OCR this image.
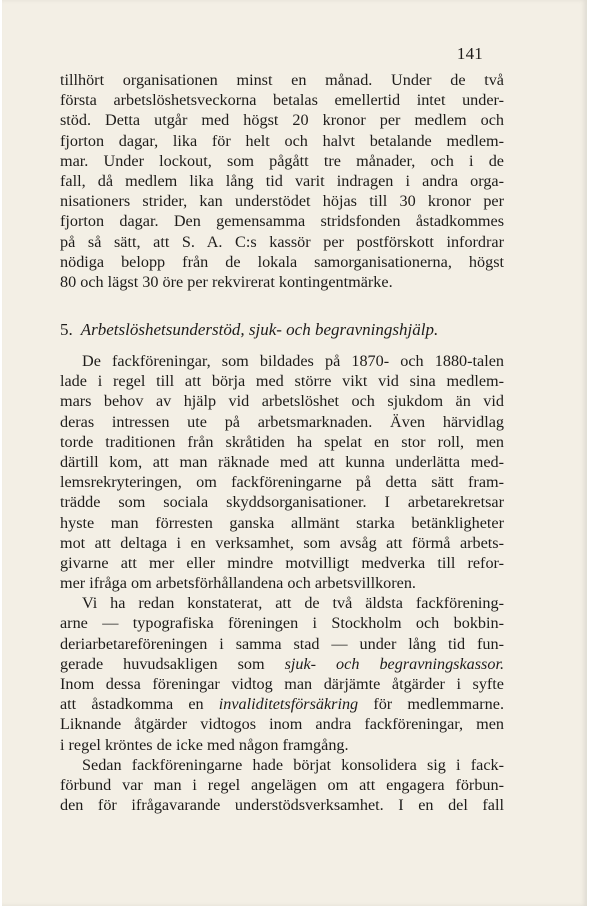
141
tillhört organisationen minst en månad. Under de två
första arbetslöshetsveckorna betalas emellertid intet under-
stöd. Detta utgår med högst 20 kronor per medlem och
fjorton dagar, lika för helt och halvt betalande medlem-
mar. Under lockout, som pågått tre månader, och i de
fall, då medlem lika lång tid varit indragen i andra orga-
nisationers strider, kan understödet höjas till 30 kronor per
fjorton dagar. Den gemensamma stridsfonden åstadkommes
på så sätt, att S. A. C:s kassör per postförskott infordrar
nödiga belopp från de lokala samorganisationerna, högst
80 och lägst 30 öre per rekvirerat kontingentmärke.
5. Arbetslöshetsunderstöd, sjuk- och begravningshjälp.
De fackföreningar, som bildades på 1870- och 1880-talen
lade i regel till att börja med större vikt vid sina medlem-
mars behov av hjälp vid arbetslöshet och sjukdom än vid
deras intressen ute på arbetsmarknaden. Även härvidlag
torde traditionen från skråtiden ha spelat en stor roll, men
därtill kom, att man räknade med att kunna underlätta med-
lemsrekryteringen, om fackföreningarne på detta sätt fram-
trädde som sociala skyddsorganisationer. I arbetarekretsar
hyste man förresten ganska allmänt starka betänkligheter
mot att deltaga i en verksamhet, som avsåg att förmå arbets-
givarne att mer eller mindre motvilligt medverka till refor-
mer ifråga om arbetsförhållandena och arbetsvillkoren.
Vi ha redan konstaterat, att de två äldsta fackförening-
arne — typografiska föreningen i Stockholm och bokbin-
deriarbetareföreningen i samma stad — under lång tid fun-
gerade huvudsakligen som sjuk- och begravningskassor.
Inom dessa föreningar vidtog man därjämte åtgärder i syfte
att åstadkomma en invaliditetsförsäkring för medlemmarne.
Liknande åtgärder vidtogos inom andra fackföreningar, men
i regel kröntes de icke med någon framgång.
Sedan fackföreningarne hade börjat konsolidera sig i fack-
förbund var man i regel angelägen om att engagera förbun-
den för ifrågavarande understödsverksamhet. I en del fall
